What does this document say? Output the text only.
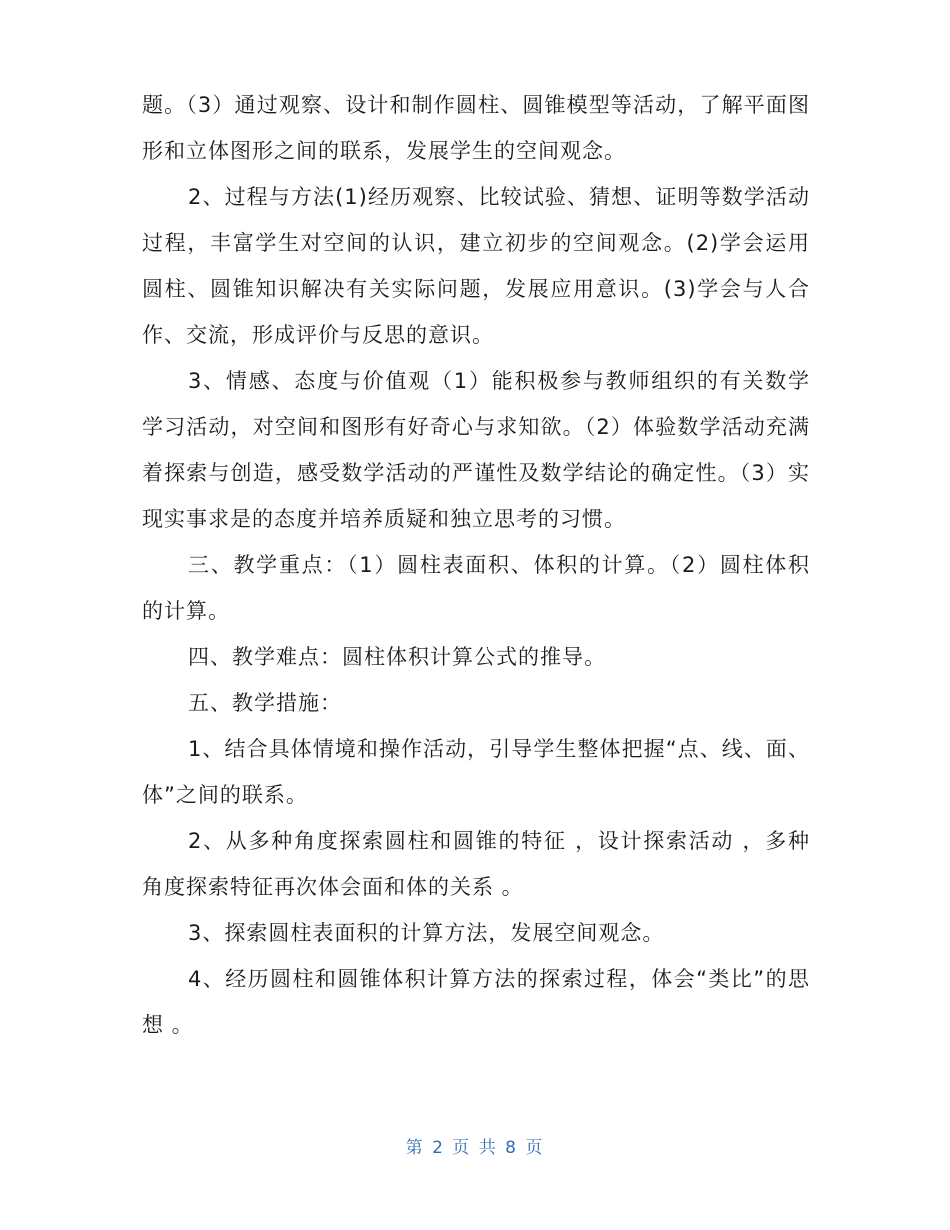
题。（3）通过观察、设计和制作圆柱、圆锥模型等活动，了解平面图形和立体图形之间的联系，发展学生的空间观念。

2、过程与方法(1)经历观察、比较试验、猜想、证明等数学活动过程，丰富学生对空间的认识，建立初步的空间观念。(2)学会运用圆柱、圆锥知识解决有关实际问题，发展应用意识。(3)学会与人合作、交流，形成评价与反思的意识。

3、情感、态度与价值观（1）能积极参与教师组织的有关数学学习活动，对空间和图形有好奇心与求知欲。（2）体验数学活动充满着探索与创造，感受数学活动的严谨性及数学结论的确定性。（3）实现实事求是的态度并培养质疑和独立思考的习惯。

三、教学重点：（1）圆柱表面积、体积的计算。（2）圆柱体积的计算。

四、教学难点：圆柱体积计算公式的推导。

五、教学措施：

1、结合具体情境和操作活动，引导学生整体把握“点、线、面、体”之间的联系。

2、从多种角度探索圆柱和圆锥的特征 ，设计探索活动 ，多种角度探索特征再次体会面和体的关系 。

3、探索圆柱表面积的计算方法，发展空间观念。

4、经历圆柱和圆锥体积计算方法的探索过程，体会“类比”的思想 。

第 2 页 共 8 页
